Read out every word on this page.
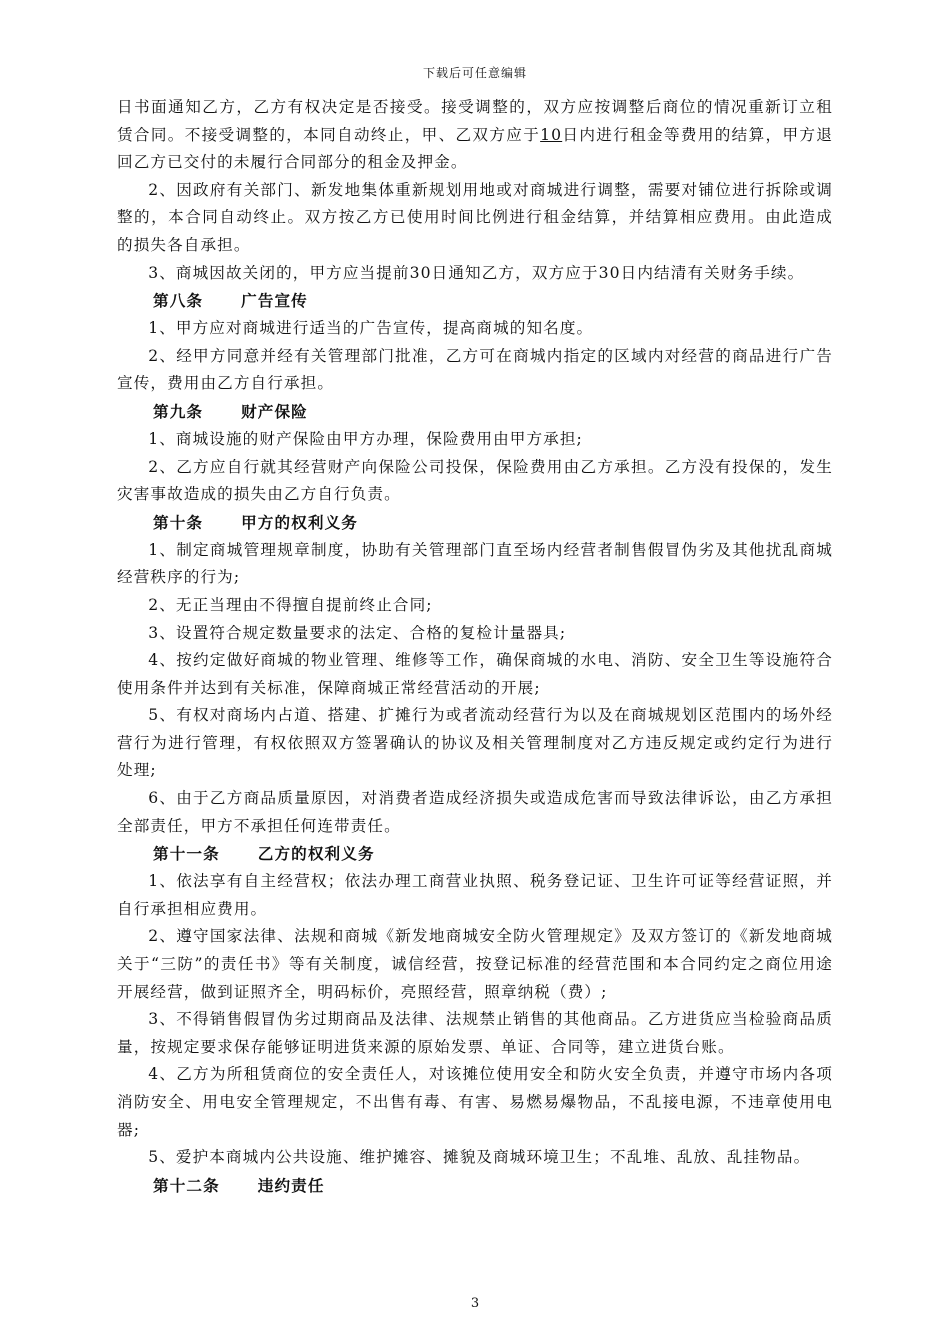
下载后可任意编辑

日书面通知乙方，乙方有权决定是否接受。接受调整的，双方应按调整后商位的情况重新订立租赁合同。不接受调整的，本同自动终止，甲、乙双方应于10日内进行租金等费用的结算，甲方退回乙方已交付的未履行合同部分的租金及押金。

2、因政府有关部门、新发地集体重新规划用地或对商城进行调整，需要对铺位进行拆除或调整的，本合同自动终止。双方按乙方已使用时间比例进行租金结算，并结算相应费用。由此造成的损失各自承担。

3、商城因故关闭的，甲方应当提前30日通知乙方，双方应于30日内结清有关财务手续。

第八条 广告宣传

1、甲方应对商城进行适当的广告宣传，提高商城的知名度。

2、经甲方同意并经有关管理部门批准，乙方可在商城内指定的区域内对经营的商品进行广告宣传，费用由乙方自行承担。

第九条 财产保险

1、商城设施的财产保险由甲方办理，保险费用由甲方承担;

2、乙方应自行就其经营财产向保险公司投保，保险费用由乙方承担。乙方没有投保的，发生灾害事故造成的损失由乙方自行负责。

第十条 甲方的权利义务

1、制定商城管理规章制度，协助有关管理部门直至场内经营者制售假冒伪劣及其他扰乱商城经营秩序的行为;

2、无正当理由不得擅自提前终止合同;

3、设置符合规定数量要求的法定、合格的复检计量器具;

4、按约定做好商城的物业管理、维修等工作，确保商城的水电、消防、安全卫生等设施符合使用条件并达到有关标准，保障商城正常经营活动的开展;

5、有权对商场内占道、搭建、扩摊行为或者流动经营行为以及在商城规划区范围内的场外经营行为进行管理，有权依照双方签署确认的协议及相关管理制度对乙方违反规定或约定行为进行处理;

6、由于乙方商品质量原因，对消费者造成经济损失或造成危害而导致法律诉讼，由乙方承担全部责任，甲方不承担任何连带责任。

第十一条 乙方的权利义务

1、依法享有自主经营权；依法办理工商营业执照、税务登记证、卫生许可证等经营证照，并自行承担相应费用。

2、遵守国家法律、法规和商城《新发地商城安全防火管理规定》及双方签订的《新发地商城关于“三防”的责任书》等有关制度，诚信经营，按登记标准的经营范围和本合同约定之商位用途开展经营，做到证照齐全，明码标价，亮照经营，照章纳税（费）;

3、不得销售假冒伪劣过期商品及法律、法规禁止销售的其他商品。乙方进货应当检验商品质量，按规定要求保存能够证明进货来源的原始发票、单证、合同等，建立进货台账。

4、乙方为所租赁商位的安全责任人，对该摊位使用安全和防火安全负责，并遵守市场内各项消防安全、用电安全管理规定，不出售有毒、有害、易燃易爆物品，不乱接电源，不违章使用电器;

5、爱护本商城内公共设施、维护摊容、摊貌及商城环境卫生；不乱堆、乱放、乱挂物品。

第十二条 违约责任

3
